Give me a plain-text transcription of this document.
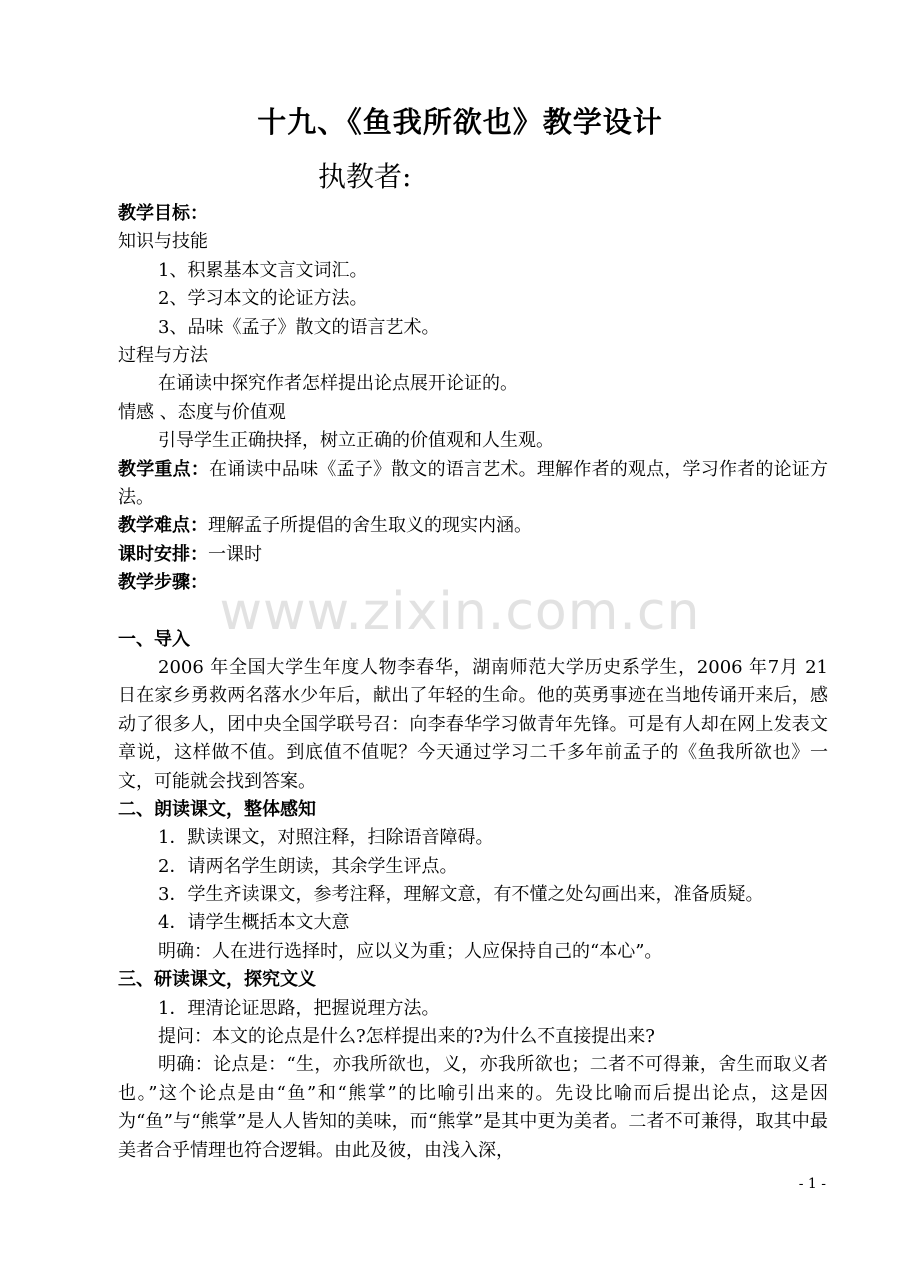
www.zixin.com.cn
十九、《鱼我所欲也》教学设计
执教者:
教学目标：
知识与技能
1、积累基本文言文词汇。
2、学习本文的论证方法。
3、品味《孟子》散文的语言艺术。
过程与方法
在诵读中探究作者怎样提出论点展开论证的。
情感 、态度与价值观
引导学生正确抉择，树立正确的价值观和人生观。
教学重点：在诵读中品味《孟子》散文的语言艺术。理解作者的观点，学习作者的论证方法。
教学难点：理解孟子所提倡的舍生取义的现实内涵。
课时安排：一课时
教学步骤：
一、导入
2006 年全国大学生年度人物李春华，湖南师范大学历史系学生，2006 年7月 21 日在家乡勇救两名落水少年后，献出了年轻的生命。他的英勇事迹在当地传诵开来后，感动了很多人，团中央全国学联号召：向李春华学习做青年先锋。可是有人却在网上发表文章说，这样做不值。到底值不值呢？今天通过学习二千多年前孟子的《鱼我所欲也》一文，可能就会找到答案。
二、朗读课文，整体感知
1．默读课文，对照注释，扫除语音障碍。
2．请两名学生朗读，其余学生评点。
3．学生齐读课文，参考注释，理解文意，有不懂之处勾画出来，准备质疑。
4．请学生概括本文大意
明确：人在进行选择时，应以义为重；人应保持自己的“本心”。
三、研读课文，探究文义
1．理清论证思路，把握说理方法。
提问：本文的论点是什么?怎样提出来的?为什么不直接提出来?
明确：论点是：“生，亦我所欲也，义，亦我所欲也；二者不可得兼，舍生而取义者也。”这个论点是由“鱼”和“熊掌”的比喻引出来的。先设比喻而后提出论点，这是因为“鱼”与“熊掌”是人人皆知的美味，而“熊掌”是其中更为美者。二者不可兼得，取其中最美者合乎情理也符合逻辑。由此及彼，由浅入深，
- 1 -
